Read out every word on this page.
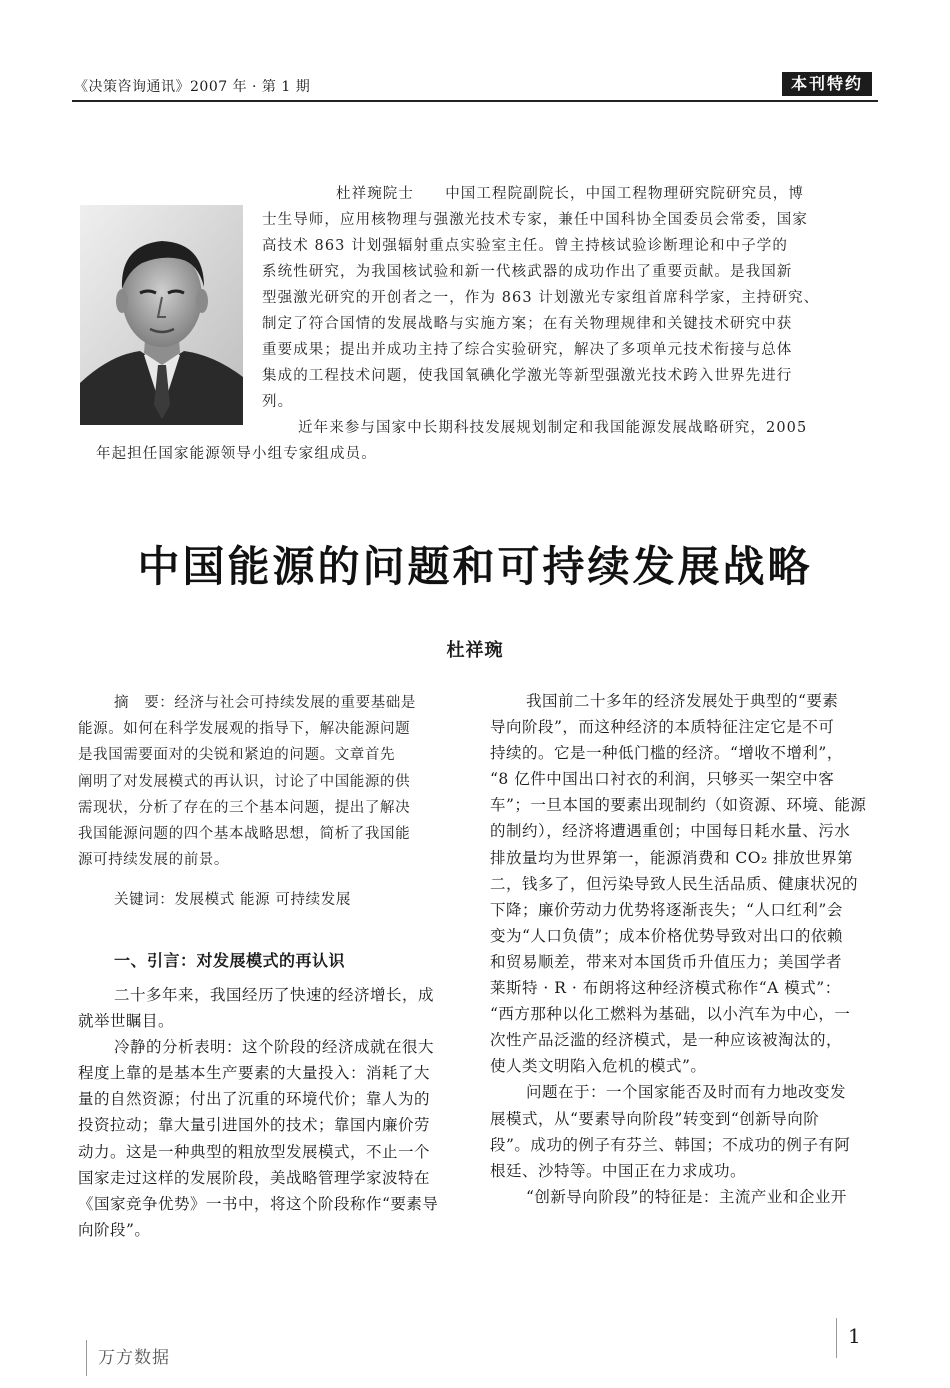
《决策咨询通讯》2007 年 · 第 1 期	本刊特约
杜祥琬院士　　中国工程院副院长，中国工程物理研究院研究员，博
士生导师，应用核物理与强激光技术专家，兼任中国科协全国委员会常委，国家
高技术 863 计划强辐射重点实验室主任。曾主持核试验诊断理论和中子学的
系统性研究，为我国核试验和新一代核武器的成功作出了重要贡献。是我国新
型强激光研究的开创者之一，作为 863 计划激光专家组首席科学家，主持研究、
制定了符合国情的发展战略与实施方案；在有关物理规律和关键技术研究中获
重要成果；提出并成功主持了综合实验研究，解决了多项单元技术衔接与总体
集成的工程技术问题，使我国氧碘化学激光等新型强激光技术跨入世界先进行
列。
近年来参与国家中长期科技发展规划制定和我国能源发展战略研究，2005
年起担任国家能源领导小组专家组成员。
中国能源的问题和可持续发展战略
杜祥琬
摘　要：经济与社会可持续发展的重要基础是
能源。如何在科学发展观的指导下，解决能源问题
是我国需要面对的尖锐和紧迫的问题。文章首先
阐明了对发展模式的再认识，讨论了中国能源的供
需现状，分析了存在的三个基本问题，提出了解决
我国能源问题的四个基本战略思想，简析了我国能
源可持续发展的前景。
关键词：发展模式 能源 可持续发展
一、引言：对发展模式的再认识
二十多年来，我国经历了快速的经济增长，成
就举世瞩目。
冷静的分析表明：这个阶段的经济成就在很大
程度上靠的是基本生产要素的大量投入：消耗了大
量的自然资源；付出了沉重的环境代价；靠人为的
投资拉动；靠大量引进国外的技术；靠国内廉价劳
动力。这是一种典型的粗放型发展模式，不止一个
国家走过这样的发展阶段，美战略管理学家波特在
《国家竞争优势》一书中，将这个阶段称作“要素导
向阶段”。
我国前二十多年的经济发展处于典型的“要素
导向阶段”，而这种经济的本质特征注定它是不可
持续的。它是一种低门槛的经济。“增收不增利”，
“8 亿件中国出口衬衣的利润，只够买一架空中客
车”；一旦本国的要素出现制约（如资源、环境、能源
的制约），经济将遭遇重创；中国每日耗水量、污水
排放量均为世界第一，能源消费和 CO₂ 排放世界第
二，钱多了，但污染导致人民生活品质、健康状况的
下降；廉价劳动力优势将逐渐丧失；“人口红利”会
变为“人口负债”；成本价格优势导致对出口的依赖
和贸易顺差，带来对本国货币升值压力；美国学者
莱斯特 · R · 布朗将这种经济模式称作“A 模式”：
“西方那种以化工燃料为基础，以小汽车为中心，一
次性产品泛滥的经济模式，是一种应该被淘汰的，
使人类文明陷入危机的模式”。
问题在于：一个国家能否及时而有力地改变发
展模式，从“要素导向阶段”转变到“创新导向阶
段”。成功的例子有芬兰、韩国；不成功的例子有阿
根廷、沙特等。中国正在力求成功。
“创新导向阶段”的特征是：主流产业和企业开
1
万方数据
